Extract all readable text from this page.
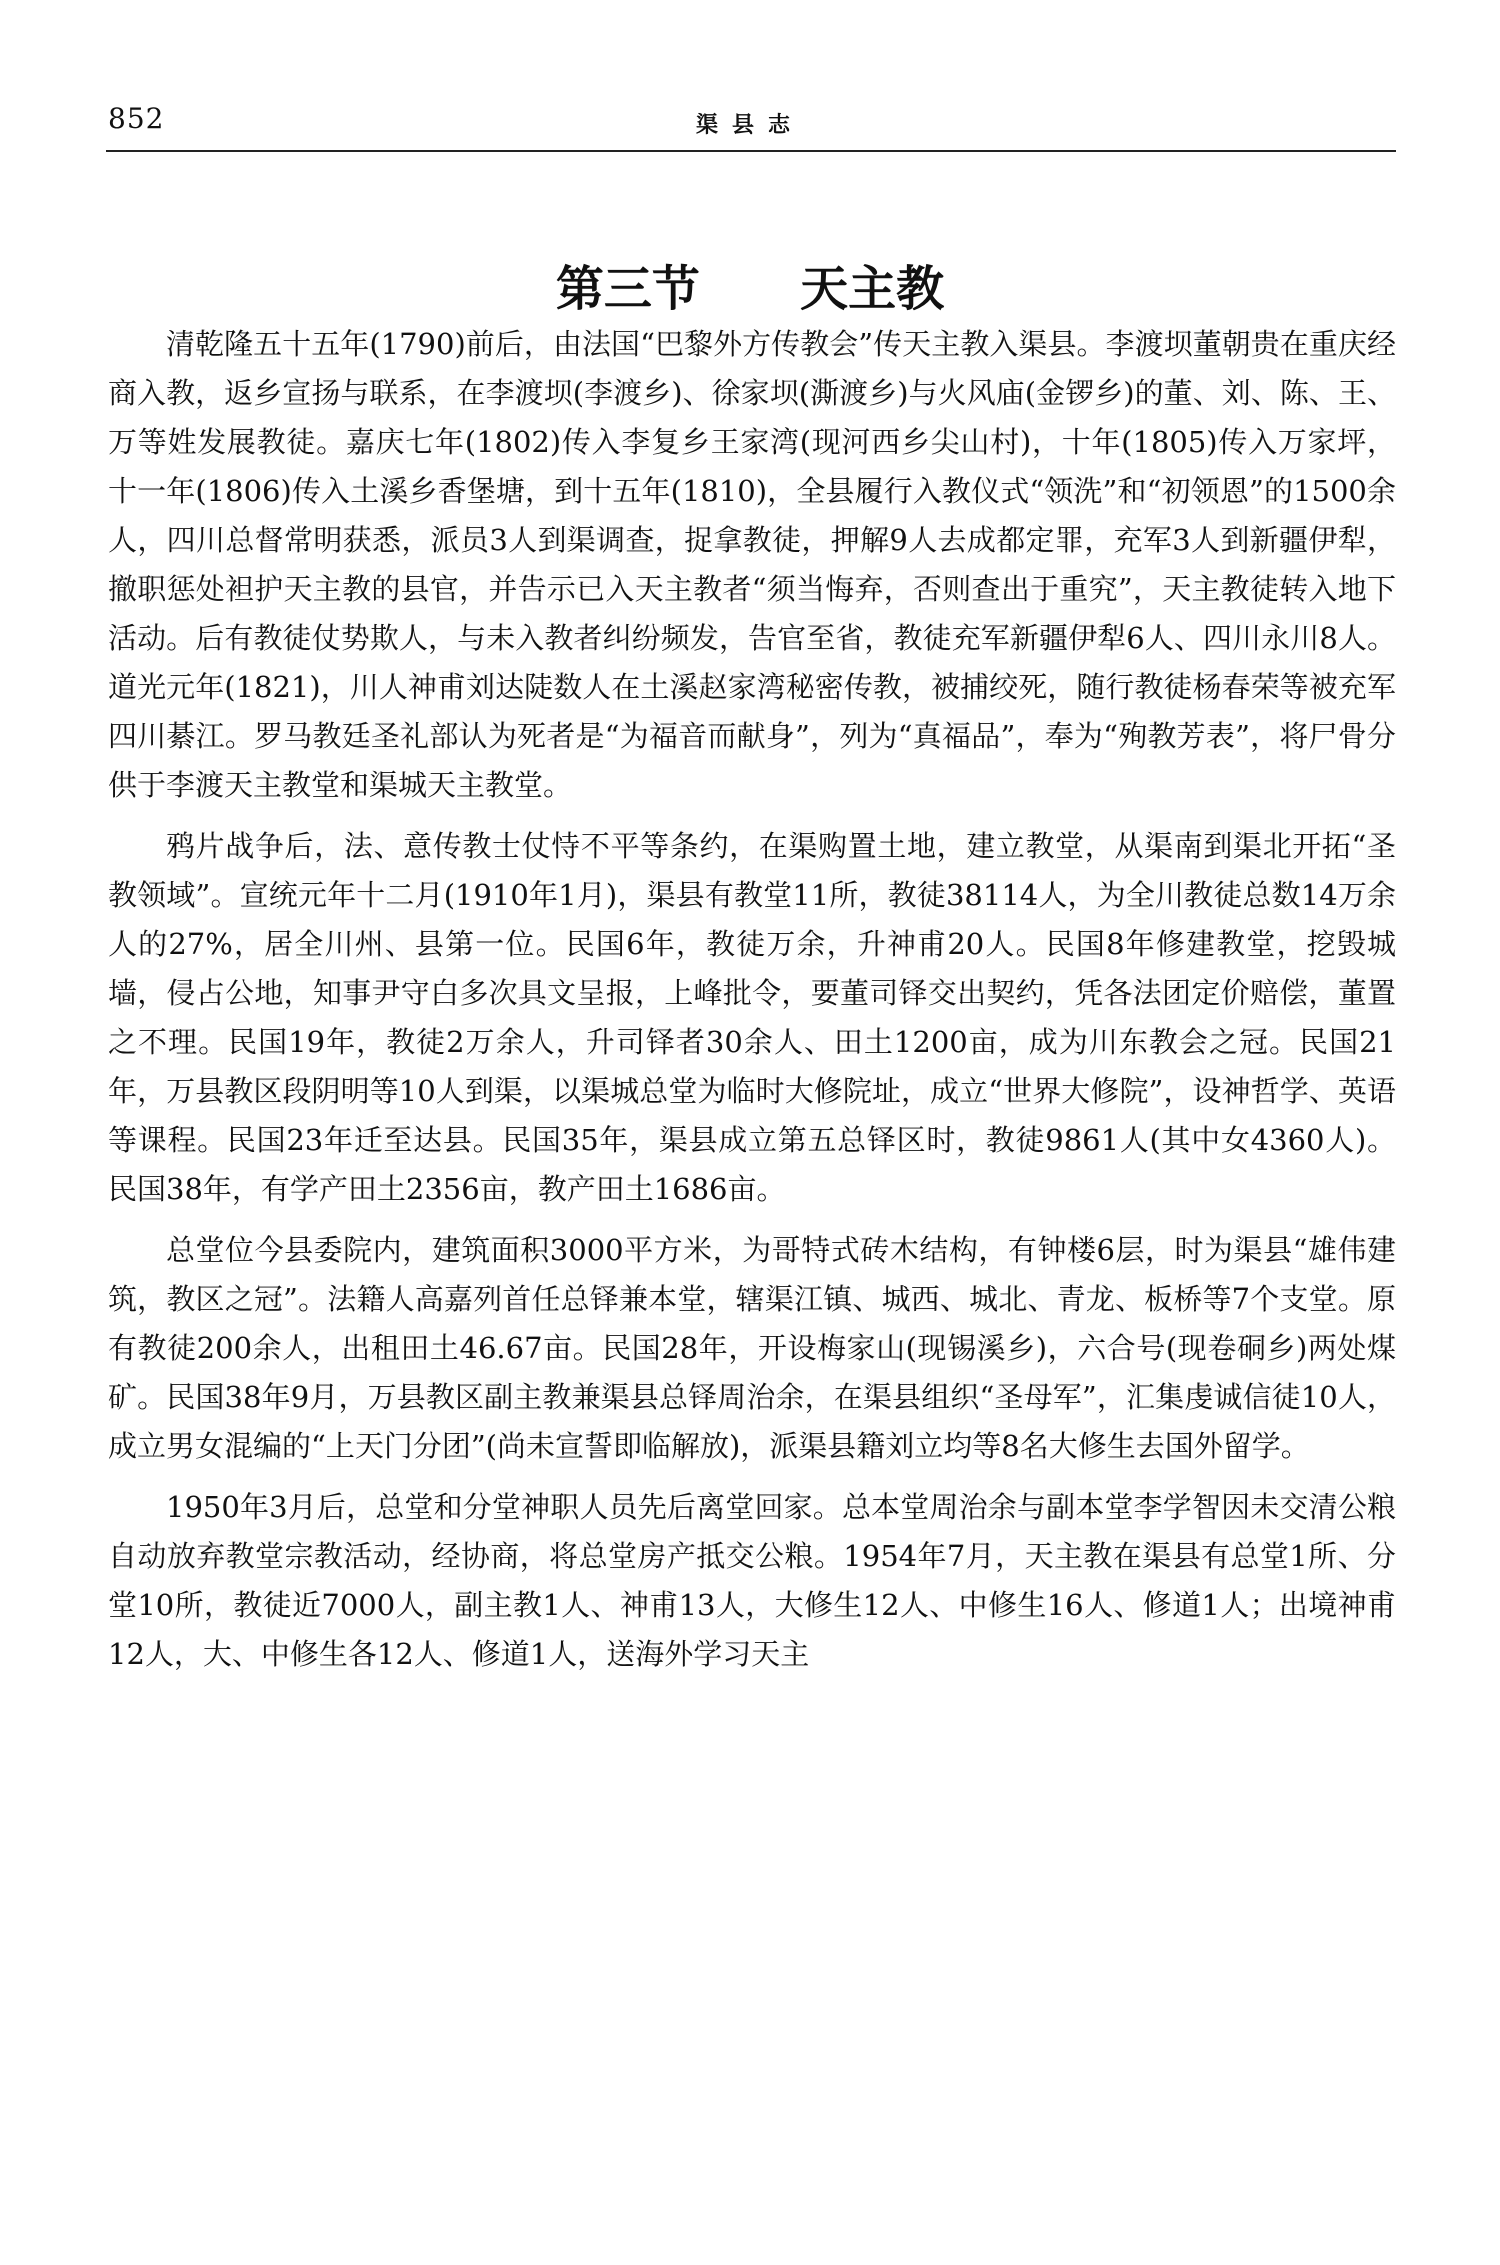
852	渠县志
第三节      天主教

清乾隆五十五年(1790)前后，由法国“巴黎外方传教会”传天主教入渠县。李渡坝董朝贵在重庆经商入教，返乡宣扬与联系，在李渡坝(李渡乡)、徐家坝(澌渡乡)与火风庙(金锣乡)的董、刘、陈、王、万等姓发展教徒。嘉庆七年(1802)传入李复乡王家湾(现河西乡尖山村)，十年(1805)传入万家坪，十一年(1806)传入土溪乡香堡塘，到十五年(1810)，全县履行入教仪式“领洗”和“初领恩”的1500余人，四川总督常明获悉，派员3人到渠调查，捉拿教徒，押解9人去成都定罪，充军3人到新疆伊犁，撤职惩处袒护天主教的县官，并告示已入天主教者“须当悔弃，否则查出于重究”，天主教徒转入地下活动。后有教徒仗势欺人，与未入教者纠纷频发，告官至省，教徒充军新疆伊犁6人、四川永川8人。道光元年(1821)，川人神甫刘达陡数人在土溪赵家湾秘密传教，被捕绞死，随行教徒杨春荣等被充军四川綦江。罗马教廷圣礼部认为死者是“为福音而献身”，列为“真福品”，奉为“殉教芳表”，将尸骨分供于李渡天主教堂和渠城天主教堂。

鸦片战争后，法、意传教士仗恃不平等条约，在渠购置土地，建立教堂，从渠南到渠北开拓“圣教领域”。宣统元年十二月(1910年1月)，渠县有教堂11所，教徒38114人，为全川教徒总数14万余人的27%，居全川州、县第一位。民国6年，教徒万余，升神甫20人。民国8年修建教堂，挖毁城墙，侵占公地，知事尹守白多次具文呈报，上峰批令，要董司铎交出契约，凭各法团定价赔偿，董置之不理。民国19年，教徒2万余人，升司铎者30余人、田土1200亩，成为川东教会之冠。民国21年，万县教区段阴明等10人到渠，以渠城总堂为临时大修院址，成立“世界大修院”，设神哲学、英语等课程。民国23年迁至达县。民国35年，渠县成立第五总铎区时，教徒9861人(其中女4360人)。民国38年，有学产田土2356亩，教产田土1686亩。

总堂位今县委院内，建筑面积3000平方米，为哥特式砖木结构，有钟楼6层，时为渠县“雄伟建筑，教区之冠”。法籍人高嘉列首任总铎兼本堂，辖渠江镇、城西、城北、青龙、板桥等7个支堂。原有教徒200余人，出租田土46.67亩。民国28年，开设梅家山(现锡溪乡)，六合号(现卷硐乡)两处煤矿。民国38年9月，万县教区副主教兼渠县总铎周治余，在渠县组织“圣母军”，汇集虔诚信徒10人，成立男女混编的“上天门分团”(尚未宣誓即临解放)，派渠县籍刘立均等8名大修生去国外留学。

1950年3月后，总堂和分堂神职人员先后离堂回家。总本堂周治余与副本堂李学智因未交清公粮自动放弃教堂宗教活动，经协商，将总堂房产抵交公粮。1954年7月，天主教在渠县有总堂1所、分堂10所，教徒近7000人，副主教1人、神甫13人，大修生12人、中修生16人、修道1人；出境神甫12人，大、中修生各12人、修道1人，送海外学习天主
